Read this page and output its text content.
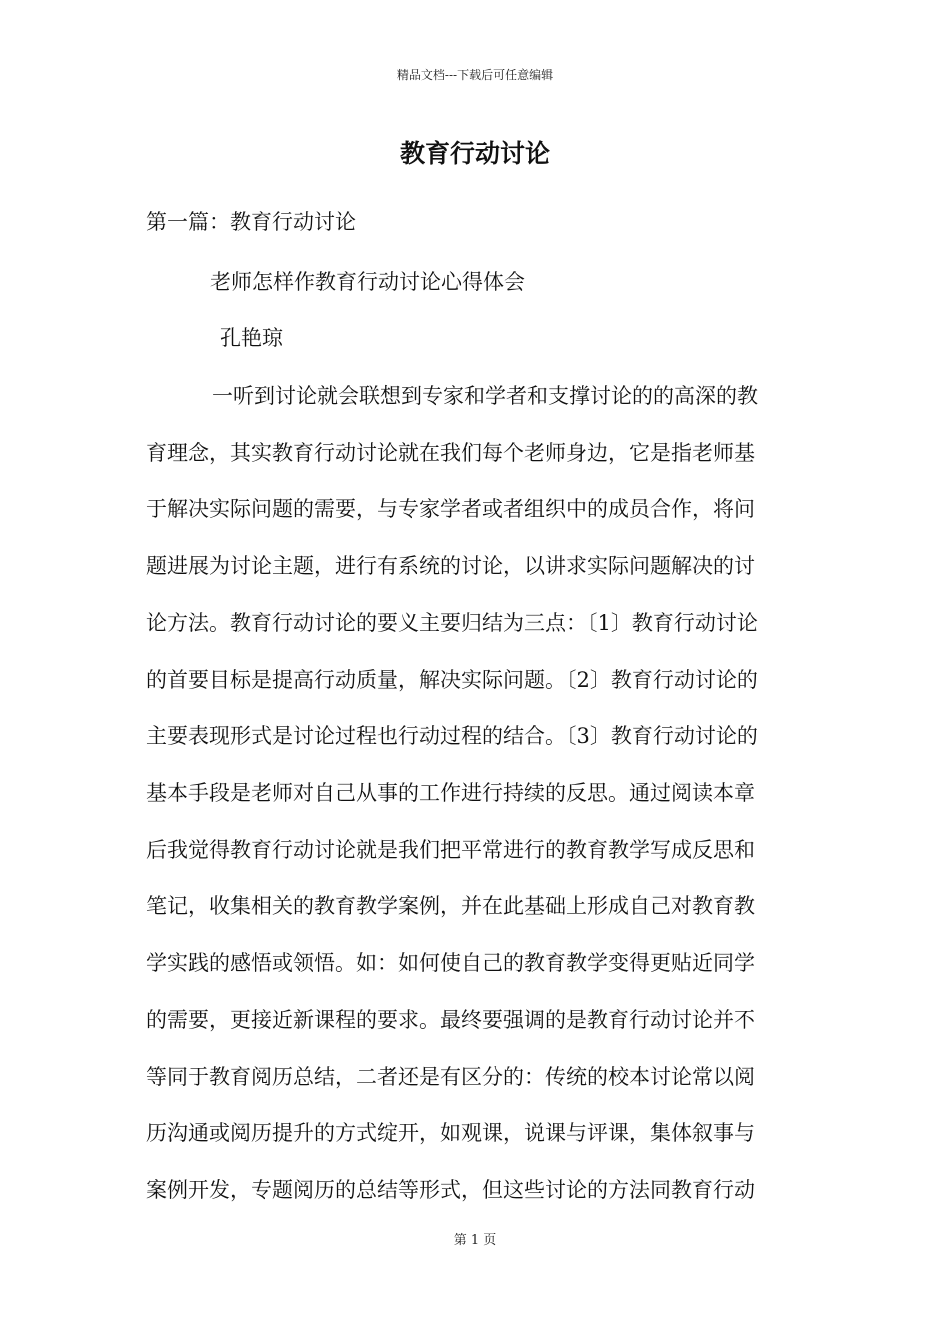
精品文档---下载后可任意编辑
教育行动讨论
第一篇：教育行动讨论
老师怎样作教育行动讨论心得体会
孔艳琼
一听到讨论就会联想到专家和学者和支撑讨论的的高深的教
育理念，其实教育行动讨论就在我们每个老师身边，它是指老师基
于解决实际问题的需要，与专家学者或者组织中的成员合作，将问
题进展为讨论主题，进行有系统的讨论，以讲求实际问题解决的讨
论方法。教育行动讨论的要义主要归结为三点：〔1〕教育行动讨论
的首要目标是提高行动质量，解决实际问题。〔2〕教育行动讨论的
主要表现形式是讨论过程也行动过程的结合。〔3〕教育行动讨论的
基本手段是老师对自己从事的工作进行持续的反思。通过阅读本章
后我觉得教育行动讨论就是我们把平常进行的教育教学写成反思和
笔记，收集相关的教育教学案例，并在此基础上形成自己对教育教
学实践的感悟或领悟。如：如何使自己的教育教学变得更贴近同学
的需要，更接近新课程的要求。最终要强调的是教育行动讨论并不
等同于教育阅历总结，二者还是有区分的：传统的校本讨论常以阅
历沟通或阅历提升的方式绽开，如观课，说课与评课，集体叙事与
案例开发，专题阅历的总结等形式，但这些讨论的方法同教育行动
第 1 页
